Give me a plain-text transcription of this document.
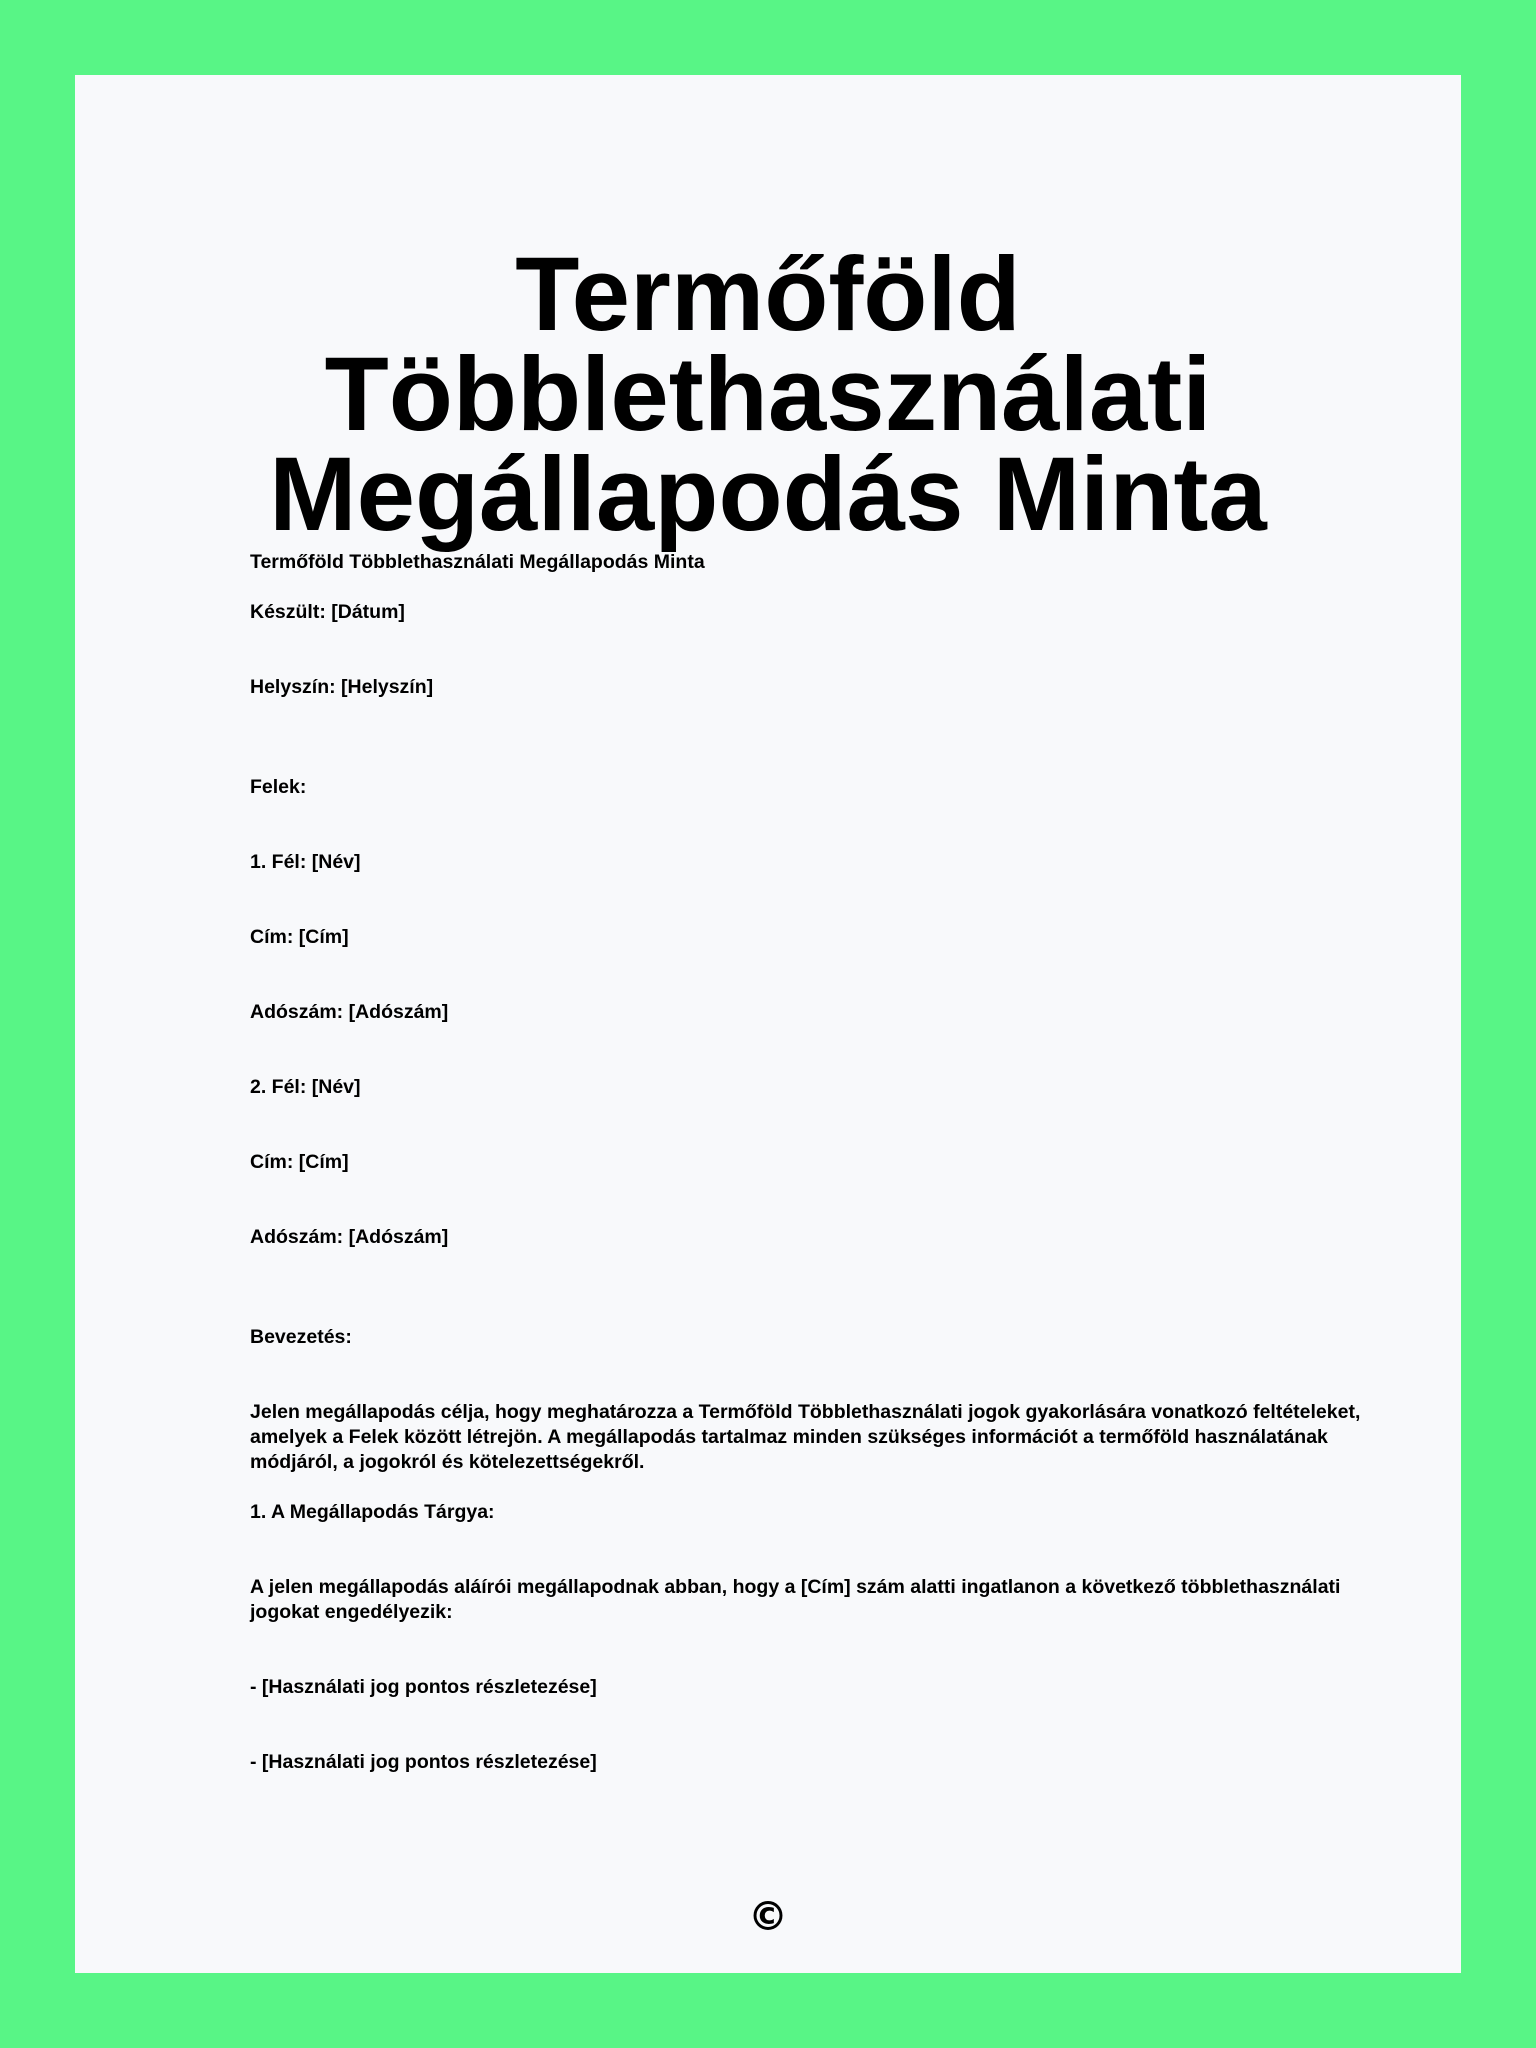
Termőföld Többlethasználati Megállapodás Minta

Termőföld Többlethasználati Megállapodás Minta

Készült: [Dátum]

Helyszín: [Helyszín]

Felek:

1. Fél: [Név]

Cím: [Cím]

Adószám: [Adószám]

2. Fél: [Név]

Cím: [Cím]

Adószám: [Adószám]

Bevezetés:

Jelen megállapodás célja, hogy meghatározza a Termőföld Többlethasználati jogok gyakorlására vonatkozó feltételeket, amelyek a Felek között létrejön. A megállapodás tartalmaz minden szükséges információt a termőföld használatának módjáról, a jogokról és kötelezettségekről.

1. A Megállapodás Tárgya:

A jelen megállapodás aláírói megállapodnak abban, hogy a [Cím] szám alatti ingatlanon a következő többlethasználati jogokat engedélyezik:

- [Használati jog pontos részletezése]

- [Használati jog pontos részletezése]

©
